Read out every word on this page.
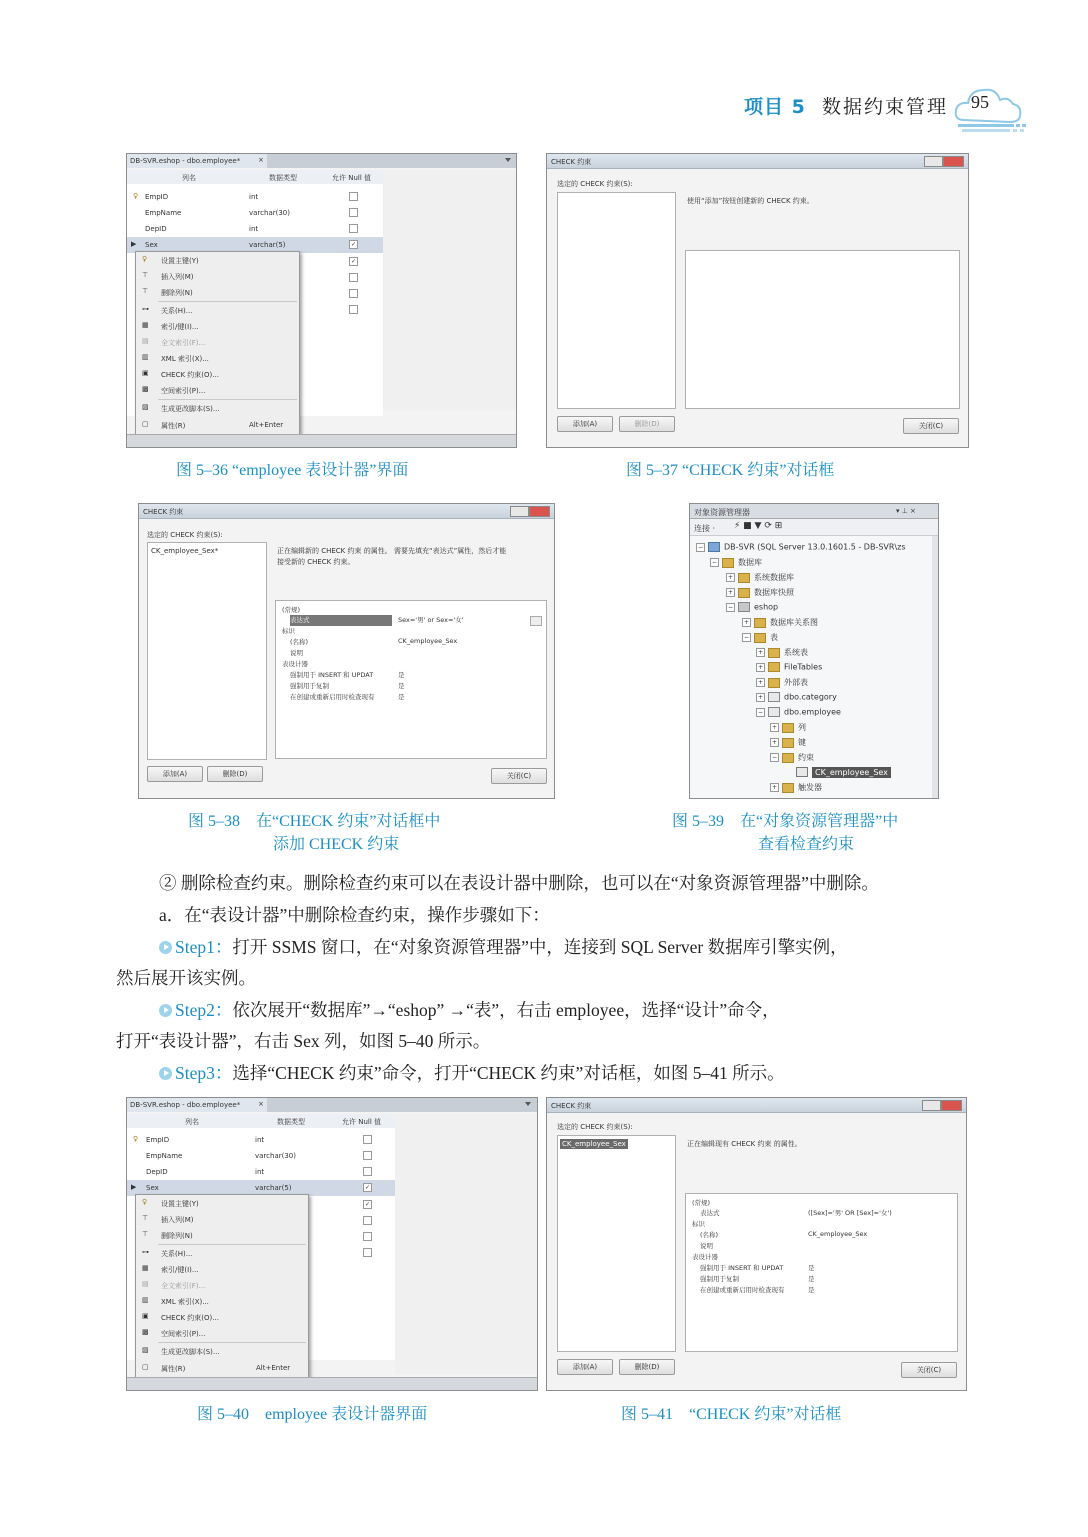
项目 5 数据约束管理	95
DB-SVR.eshop - dbo.employee*	×
列名	数据类型	允许 Null 值
♀ EmpID	int
EmpName	varchar(30)
DepID	int
▶ Sex	varchar(5)	✓
✓
♀	设置主键(Y)
⊤	插入列(M)
⊤	删除列(N)
⊶ 关系(H)...
▦	索引/键(I)...
▤	全文索引(F)...
▥	XML 索引(X)...
▣	CHECK 约束(O)...
▩	空间索引(P)...
▨	生成更改脚本(S)...
▢	属性(R)	Alt+Enter
CHECK 约束
选定的 CHECK 约束(S):
使用“添加”按钮创建新的 CHECK 约束。
添加(A)	删除(D)	关闭(C)
图 5–36 “employee 表设计器”界面	图 5–37 “CHECK 约束”对话框
CHECK 约束
选定的 CHECK 约束(S):
CK_employee_Sex*	正在编辑新的 CHECK 约束 的属性。 需要先填充“表达式”属性，然后才能
接受新的 CHECK 约束。
(常规)
表达式	Sex='男' or Sex='女'
标识
(名称)	CK_employee_Sex
说明
表设计器
强制用于 INSERT 和 UPDAT	是
强制用于复制	是
在创建或重新启用时检查现有	是
添加(A)	删除(D)	关闭(C)
对象资源管理器	▾ ⊥ ×
连接 · ⚡ ■ ▼ ⟳ ⊞
−	DB-SVR (SQL Server 13.0.1601.5 - DB-SVR\zs
−	数据库
+	系统数据库
+	数据库快照
−	eshop
+	数据库关系图
−	表
+	系统表
+	FileTables
+	外部表
+	dbo.category
−	dbo.employee
+	列
+	键
−	约束
CK_employee_Sex
+	触发器
图 5–38　在“CHECK 约束”对话框中
添加 CHECK 约束
图 5–39　在“对象资源管理器”中
查看检查约束
② 删除检查约束。删除检查约束可以在表设计器中删除，也可以在“对象资源管理器”中删除。
a．在“表设计器”中删除检查约束，操作步骤如下：
Step1：打开 SSMS 窗口，在“对象资源管理器”中，连接到 SQL Server 数据库引擎实例，
然后展开该实例。
Step2：依次展开“数据库”→“eshop” →“表”，右击 employee，选择“设计”命令，
打开“表设计器”，右击 Sex 列，如图 5–40 所示。
Step3：选择“CHECK 约束”命令，打开“CHECK 约束”对话框，如图 5–41 所示。
DB-SVR.eshop - dbo.employee*	×
列名	数据类型	允许 Null 值
♀ EmpID	int
EmpName	varchar(30)
DepID	int
▶ Sex	varchar(5)	✓
✓
♀	设置主键(Y)
⊤	插入列(M)
⊤	删除列(N)
⊶ 关系(H)...
▦	索引/键(I)...
▤	全文索引(F)...
▥	XML 索引(X)...
▣	CHECK 约束(O)...
▩	空间索引(P)...
▨	生成更改脚本(S)...
▢	属性(R)	Alt+Enter
CHECK 约束
选定的 CHECK 约束(S):
CK_employee_Sex	正在编辑现有 CHECK 约束 的属性。
(常规)
表达式	([Sex]='男' OR [Sex]='女')
标识
(名称)	CK_employee_Sex
说明
表设计器
强制用于 INSERT 和 UPDAT	是
强制用于复制	是
在创建或重新启用时检查现有	是
添加(A)	删除(D)	关闭(C)
图 5–40　employee 表设计器界面	图 5–41　“CHECK 约束”对话框
